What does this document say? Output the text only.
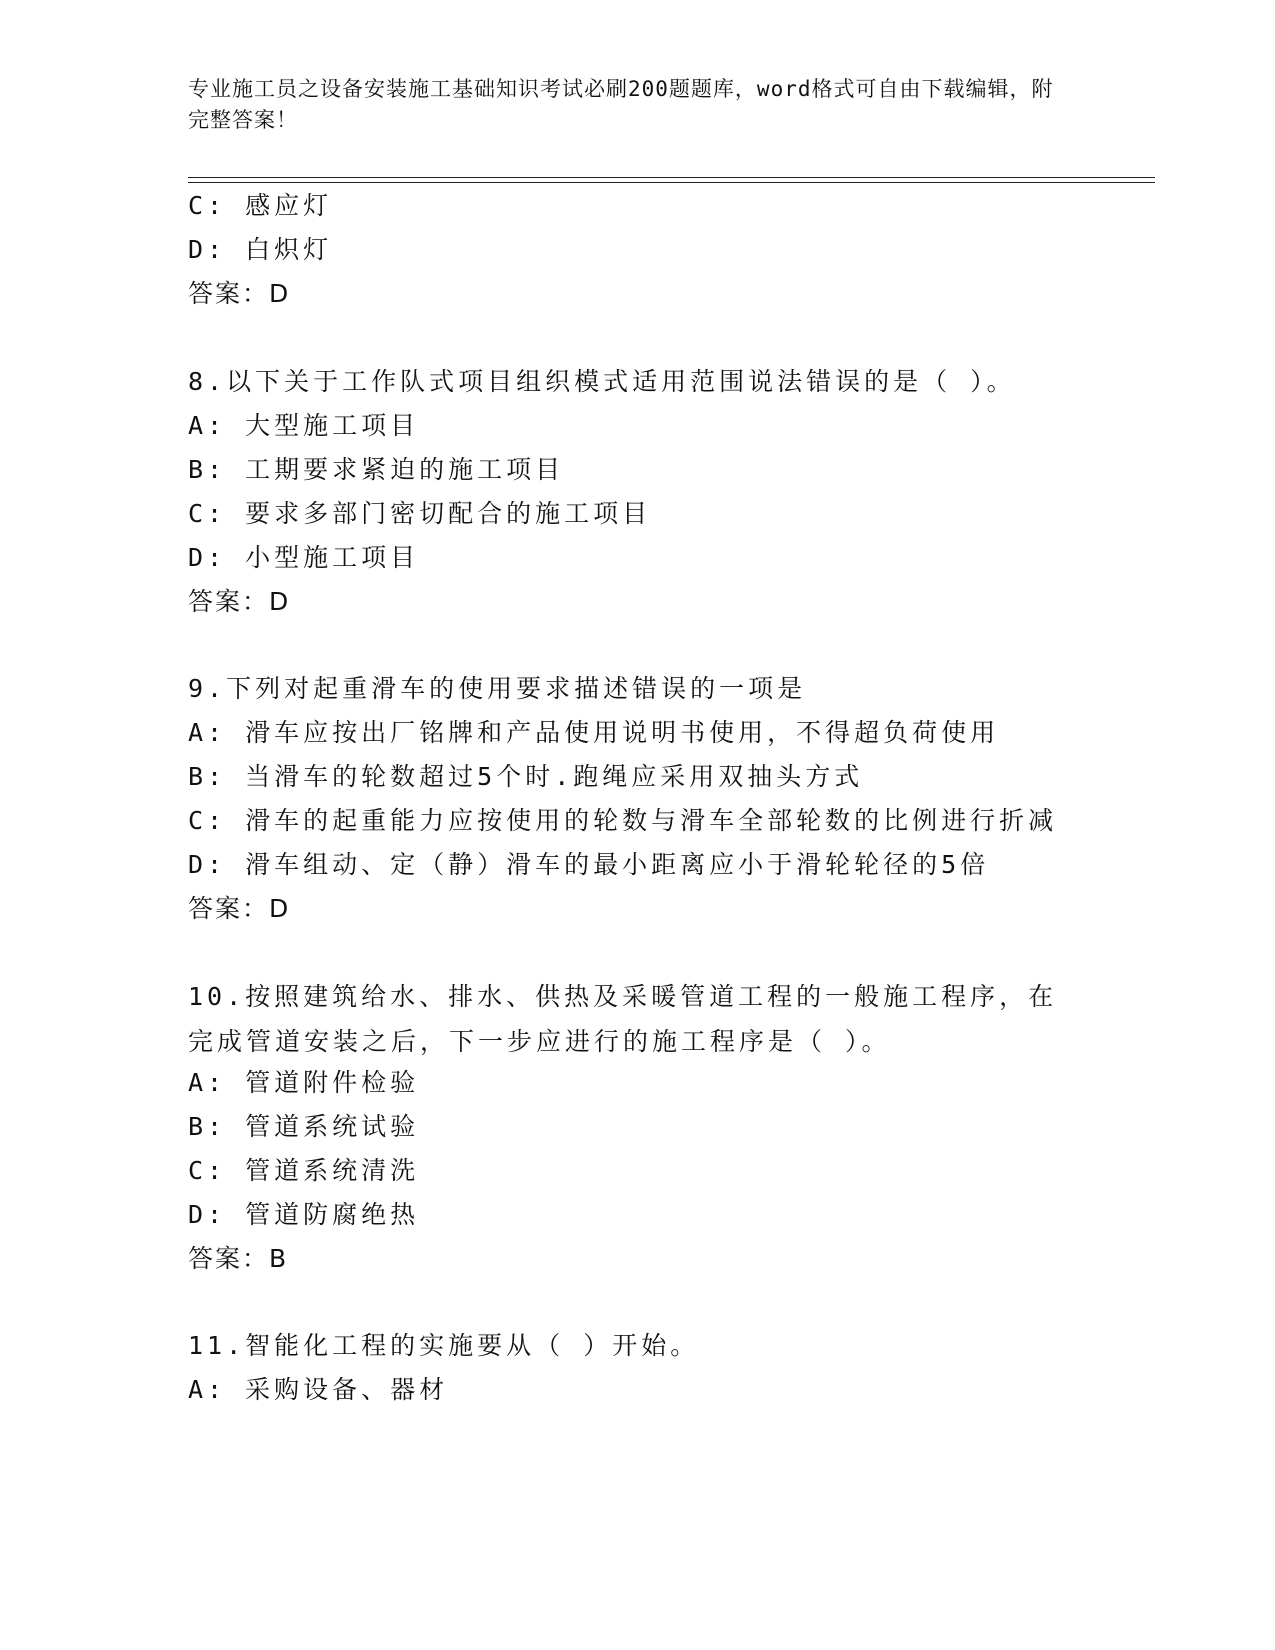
专业施工员之设备安装施工基础知识考试必刷200题题库，word格式可自由下载编辑，附完整答案！
C: 感应灯
D: 白炽灯
答案：D
8.以下关于工作队式项目组织模式适用范围说法错误的是（ ）。
A: 大型施工项目
B: 工期要求紧迫的施工项目
C: 要求多部门密切配合的施工项目
D: 小型施工项目
答案：D
9.下列对起重滑车的使用要求描述错误的一项是
A: 滑车应按出厂铭牌和产品使用说明书使用，不得超负荷使用
B: 当滑车的轮数超过5个时.跑绳应采用双抽头方式
C: 滑车的起重能力应按使用的轮数与滑车全部轮数的比例进行折减
D: 滑车组动、定（静）滑车的最小距离应小于滑轮轮径的5倍
答案：D
10.按照建筑给水、排水、供热及采暖管道工程的一般施工程序，在完成管道安装之后，下一步应进行的施工程序是（ ）。
A: 管道附件检验
B: 管道系统试验
C: 管道系统清洗
D: 管道防腐绝热
答案：B
11.智能化工程的实施要从（ ）开始。
A: 采购设备、器材
